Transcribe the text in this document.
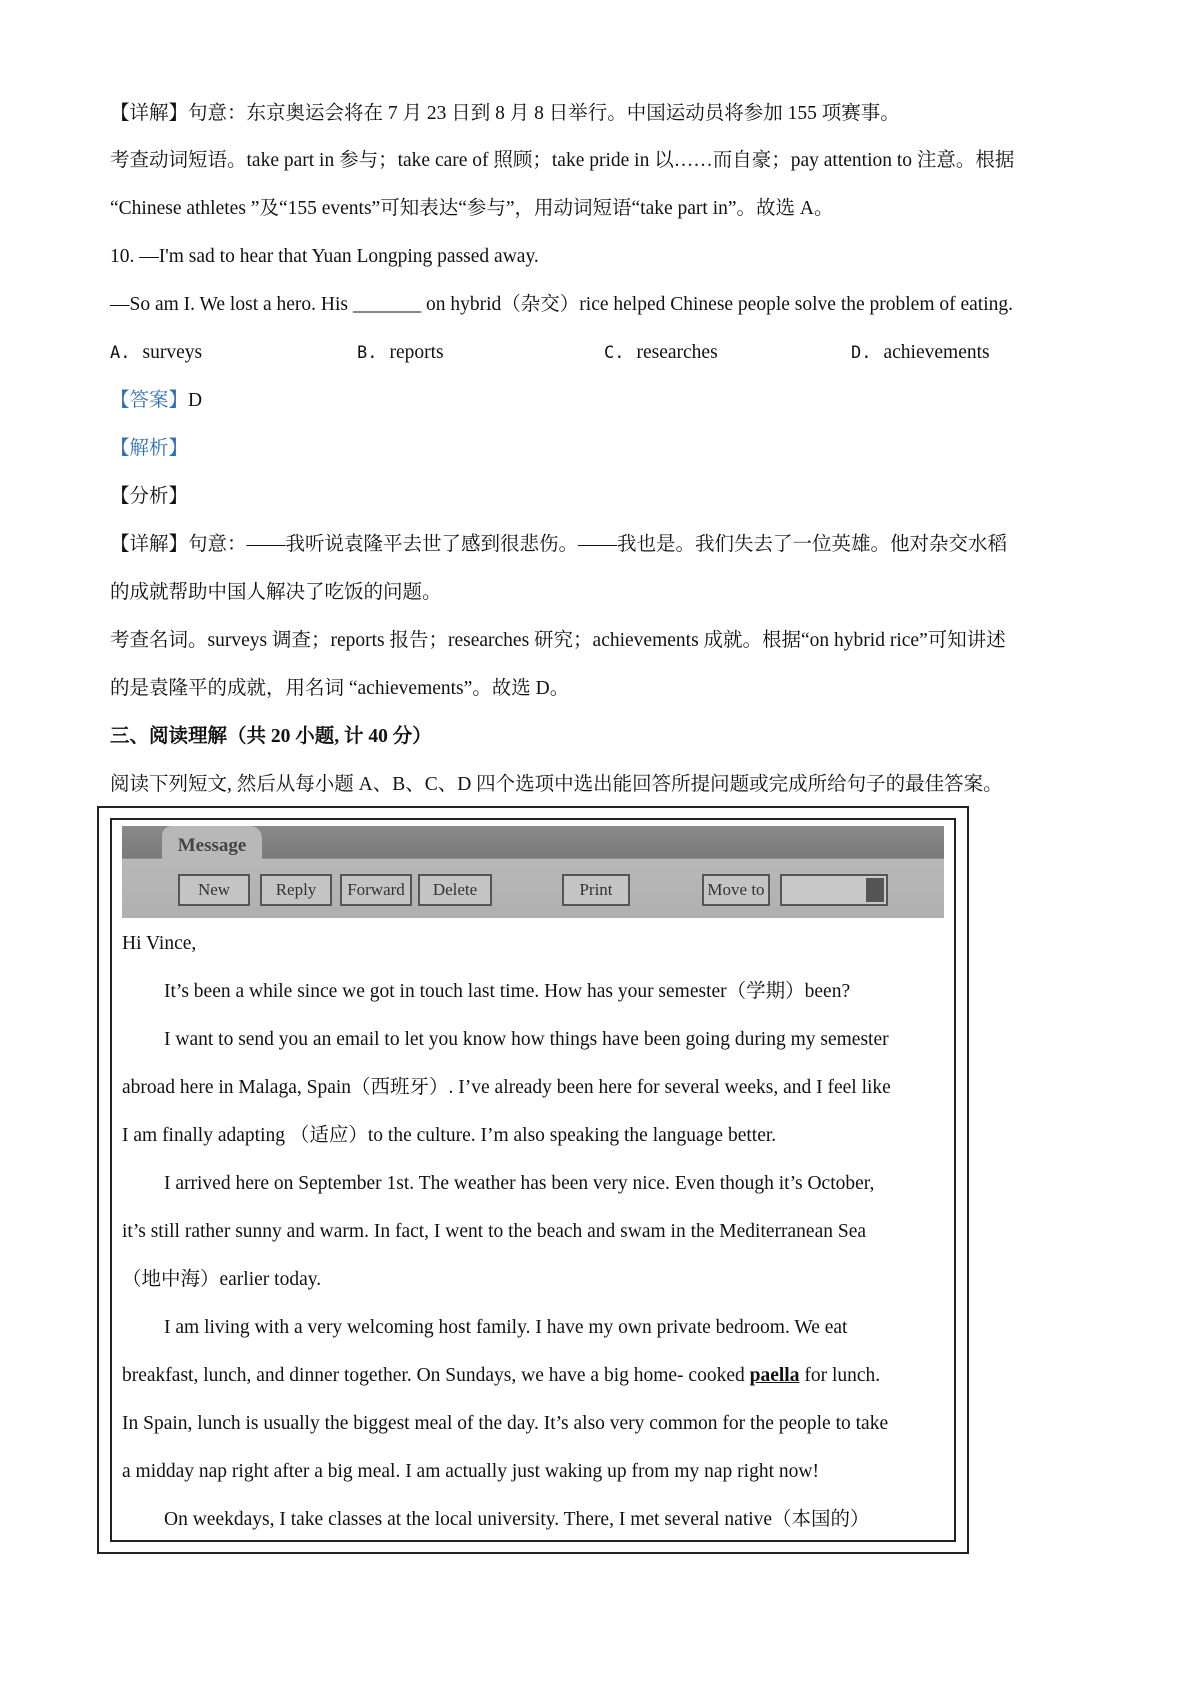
【详解】句意：东京奥运会将在 7 月 23 日到 8 月 8 日举行。中国运动员将参加 155 项赛事。
考查动词短语。take part in 参与；take care of 照顾；take pride in 以……而自豪；pay attention to 注意。根据
“Chinese athletes ”及“155 events”可知表达“参与”，用动词短语“take part in”。故选 A。
10. —I'm sad to hear that Yuan Longping passed away.
—So am I. We lost a hero. His _______ on hybrid（杂交）rice helped Chinese people solve the problem of eating.
A. surveys	B. reports	C. researches	D. achievements
【答案】D
【解析】
【分析】
【详解】句意：——我听说袁隆平去世了感到很悲伤。——我也是。我们失去了一位英雄。他对杂交水稻
的成就帮助中国人解决了吃饭的问题。
考查名词。surveys 调查；reports 报告；researches 研究；achievements 成就。根据“on hybrid rice”可知讲述
的是袁隆平的成就，用名词 “achievements”。故选 D。
三、阅读理解（共 20 小题, 计 40 分）
阅读下列短文, 然后从每小题 A、B、C、D 四个选项中选出能回答所提问题或完成所给句子的最佳答案。
Message
New	Reply	Forward	Delete	Print	Move to
Hi Vince,
It’s been a while since we got in touch last time. How has your semester（学期）been?
I want to send you an email to let you know how things have been going during my semester
abroad here in Malaga, Spain（西班牙）. I’ve already been here for several weeks, and I feel like
I am finally adapting （适应）to the culture. I’m also speaking the language better.
I arrived here on September 1st. The weather has been very nice. Even though it’s October,
it’s still rather sunny and warm. In fact, I went to the beach and swam in the Mediterranean Sea
（地中海）earlier today.
I am living with a very welcoming host family. I have my own private bedroom. We eat
breakfast, lunch, and dinner together. On Sundays, we have a big home- cooked paella for lunch.
In Spain, lunch is usually the biggest meal of the day. It’s also very common for the people to take
a midday nap right after a big meal. I am actually just waking up from my nap right now!
On weekdays, I take classes at the local university. There, I met several native（本国的）
